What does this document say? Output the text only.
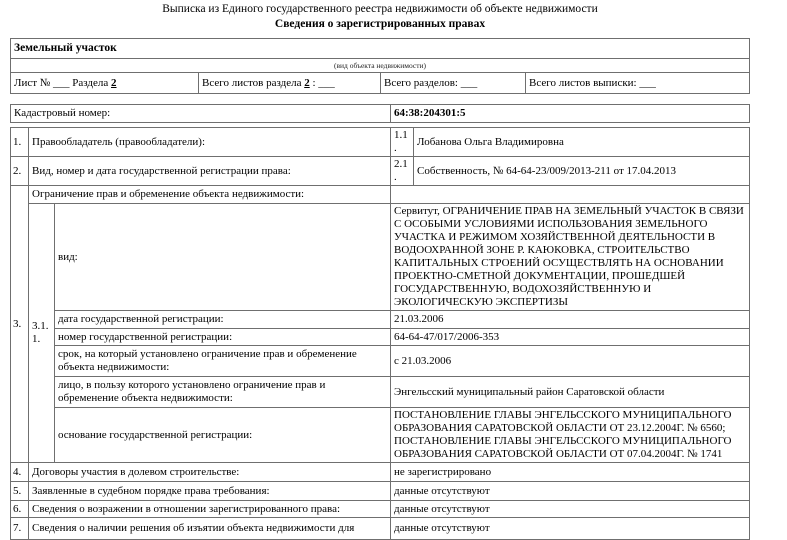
Выписка из Единого государственного реестра недвижимости об объекте недвижимости
Сведения о зарегистрированных правах
Земельный участок
(вид объекта недвижимости)
Лист № ___ Раздела 2	Всего листов раздела 2 : ___	Всего разделов: ___	Всего листов выписки: ___
Кадастровый номер:	64:38:204301:5
1.	Правообладатель (правообладатели):		1.1.	Лобанова Ольга Владимировна
2.	Вид, номер и дата государственной регистрации права:		2.1.	Собственность, № 64-64-23/009/2013-211 от 17.04.2013
3.	Ограничение прав и обременение объекта недвижимости:			
	3.1.1.	вид:	Сервитут, ОГРАНИЧЕНИЕ ПРАВ НА ЗЕМЕЛЬНЫЙ УЧАСТОК В СВЯЗИ С ОСОБЫМИ УСЛОВИЯМИ ИСПОЛЬЗОВАНИЯ ЗЕМЕЛЬНОГО УЧАСТКА И РЕЖИМОМ ХОЗЯЙСТВЕННОЙ ДЕЯТЕЛЬНОСТИ В ВОДООХРАННОЙ ЗОНЕ Р. КАЮКОВКА, СТРОИТЕЛЬСТВО КАПИТАЛЬНЫХ СТРОЕНИЙ ОСУЩЕСТВЛЯТЬ НА ОСНОВАНИИ ПРОЕКТНО-СМЕТНОЙ ДОКУМЕНТАЦИИ, ПРОШЕДШЕЙ ГОСУДАРСТВЕННУЮ, ВОДОХОЗЯЙСТВЕННУЮ И ЭКОЛОГИЧЕСКУЮ ЭКСПЕРТИЗЫ	
		дата государственной регистрации:	21.03.2006	
		номер государственной регистрации:	64-64-47/017/2006-353	
		срок, на который установлено ограничение прав и обременение объекта недвижимости:	с 21.03.2006	
		лицо, в пользу которого установлено ограничение прав и обременение объекта недвижимости:	Энгельсский муниципальный район Саратовской области	
		основание государственной регистрации:	ПОСТАНОВЛЕНИЕ ГЛАВЫ ЭНГЕЛЬССКОГО МУНИЦИПАЛЬНОГО ОБРАЗОВАНИЯ САРАТОВСКОЙ ОБЛАСТИ ОТ 23.12.2004Г. № 6560; ПОСТАНОВЛЕНИЕ ГЛАВЫ ЭНГЕЛЬССКОГО МУНИЦИПАЛЬНОГО ОБРАЗОВАНИЯ САРАТОВСКОЙ ОБЛАСТИ ОТ 07.04.2004Г. № 1741	
4.	Договоры участия в долевом строительстве:		не зарегистрировано	
5.	Заявленные в судебном порядке права требования:		данные отсутствуют	
6.	Сведения о возражении в отношении зарегистрированного права:		данные отсутствуют	
7.	Сведения о наличии решения об изъятии объекта недвижимости для		данные отсутствуют	
